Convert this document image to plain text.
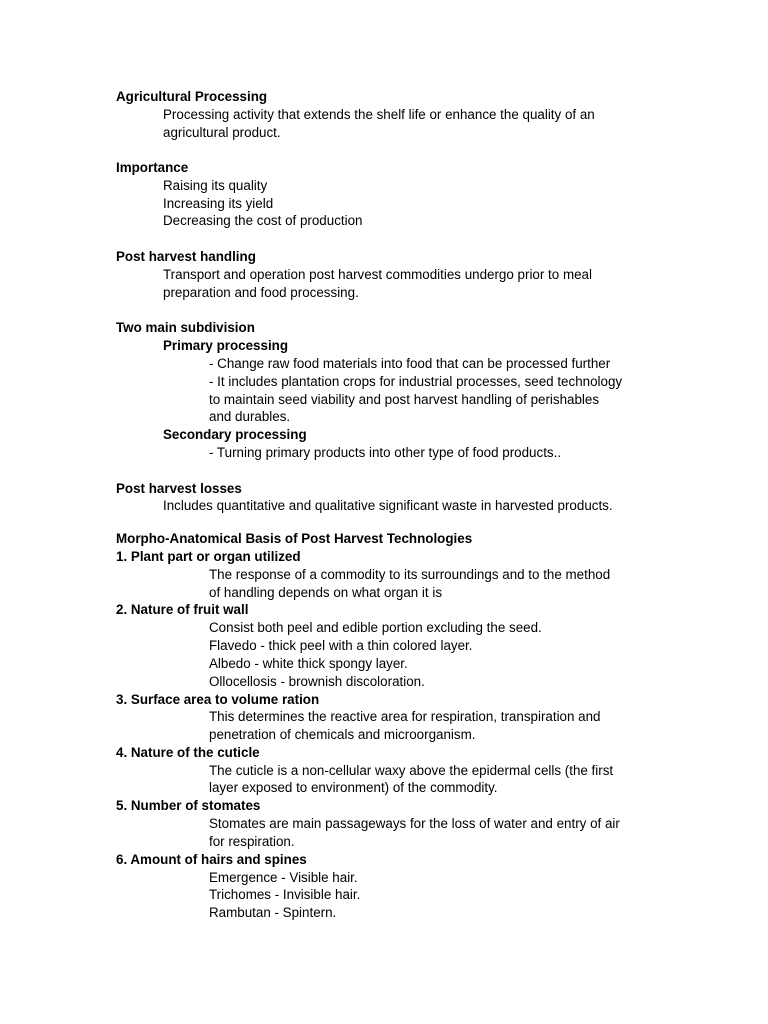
Agricultural Processing
Processing activity that extends the shelf life or enhance the quality of an
agricultural product.
Importance
Raising its quality
Increasing its yield
Decreasing the cost of production
Post harvest handling
Transport and operation post harvest commodities undergo prior to meal
preparation and food processing.
Two main subdivision
Primary processing
- Change raw food materials into food that can be processed further
- It includes plantation crops for industrial processes, seed technology
to maintain seed viability and post harvest handling of perishables
and durables.
Secondary processing
- Turning primary products into other type of food products..
Post harvest losses
Includes quantitative and qualitative significant waste in harvested products.
Morpho-Anatomical Basis of Post Harvest Technologies
1. Plant part or organ utilized
The response of a commodity to its surroundings and to the method
of handling depends on what organ it is
2. Nature of fruit wall
Consist both peel and edible portion excluding the seed.
Flavedo - thick peel with a thin colored layer.
Albedo - white thick spongy layer.
Ollocellosis - brownish discoloration.
3. Surface area to volume ration
This determines the reactive area for respiration, transpiration and
penetration of chemicals and microorganism.
4. Nature of the cuticle
The cuticle is a non-cellular waxy above the epidermal cells (the first
layer exposed to environment) of the commodity.
5. Number of stomates
Stomates are main passageways for the loss of water and entry of air
for respiration.
6. Amount of hairs and spines
Emergence - Visible hair.
Trichomes - Invisible hair.
Rambutan - Spintern.
